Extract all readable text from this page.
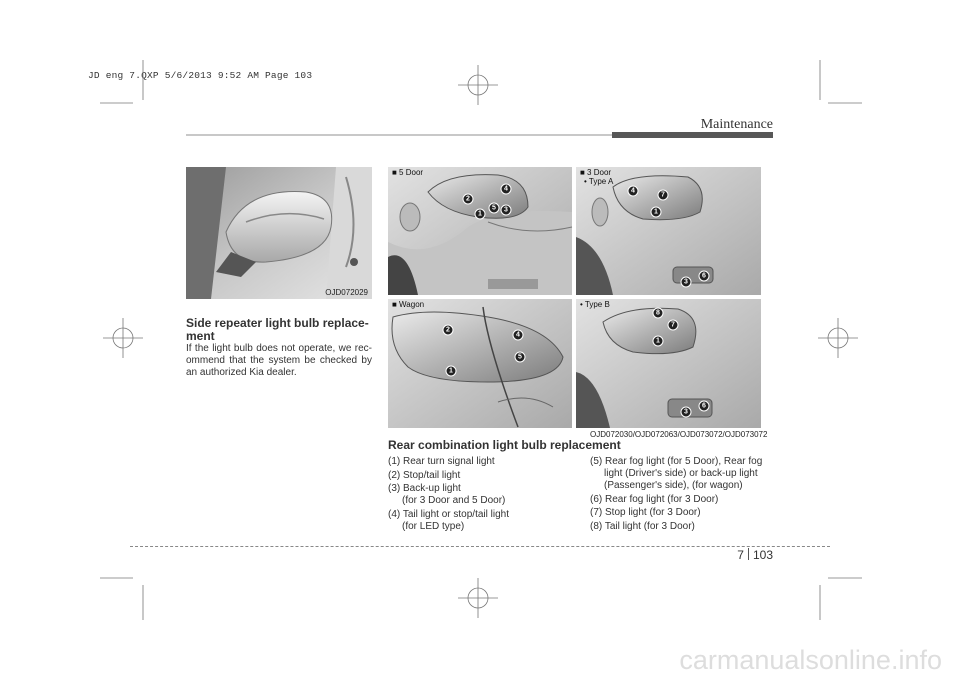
JD eng 7.QXP 5/6/2013 9:52 AM Page 103
Maintenance
OJD072029
Side repeater light bulb replace-ment
If the light bulb does not operate, we rec-ommend that the system be checked by an authorized Kia dealer.
■ 5 Door	■ 3 Door
• Type A
■ Wagon	• Type B
2
4
3
5
1
4
7
1
3
6
2
4
5
1
8
7
1
3
6
OJD072030/OJD072063/OJD073072/OJD073072
Rear combination light bulb replacement
(1) Rear turn signal light
(2) Stop/tail light
(3) Back-up light
(for 3 Door and 5 Door)
(4) Tail light or stop/tail light
(for LED type)
(5) Rear fog light (for 5 Door), Rear fog
light (Driver's side) or back-up light
(Passenger's side), (for wagon)
(6) Rear fog light (for 3 Door)
(7) Stop light (for 3 Door)
(8) Tail light (for 3 Door)
7 103
carmanualsonline.info
